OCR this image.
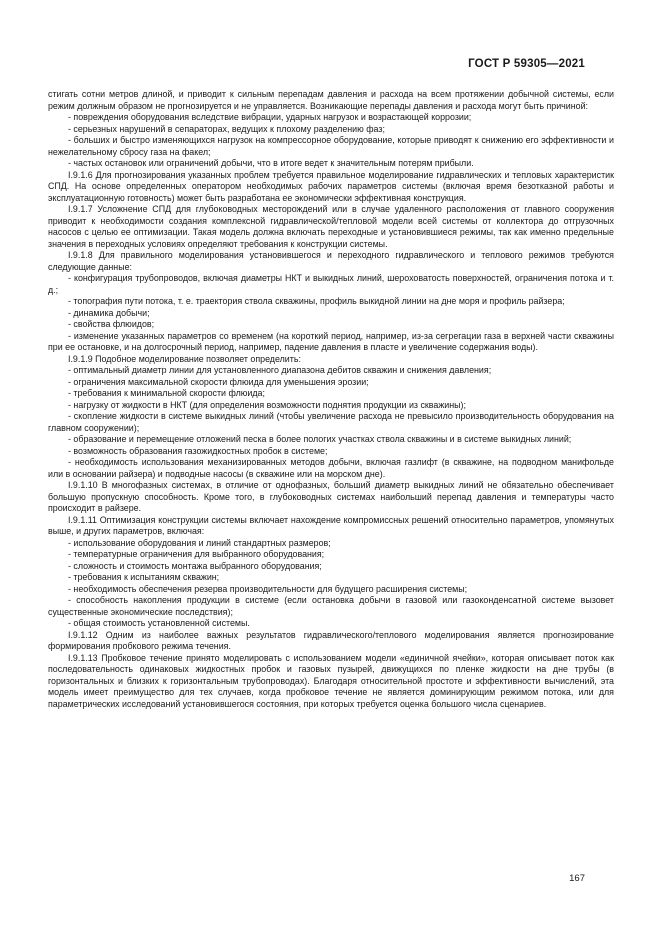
ГОСТ Р 59305—2021

стигать сотни метров длиной, и приводит к сильным перепадам давления и расхода на всем протяжении добычной системы, если режим должным образом не прогнозируется и не управляется. Возникающие перепады давления и расхода могут быть причиной:

- повреждения оборудования вследствие вибрации, ударных нагрузок и возрастающей коррозии;

- серьезных нарушений в сепараторах, ведущих к плохому разделению фаз;

- больших и быстро изменяющихся нагрузок на компрессорное оборудование, которые приводят к снижению его эффективности и нежелательному сбросу газа на факел;

- частых остановок или ограничений добычи, что в итоге ведет к значительным потерям прибыли.

I.9.1.6 Для прогнозирования указанных проблем требуется правильное моделирование гидравлических и тепловых характеристик СПД. На основе определенных оператором необходимых рабочих параметров системы (включая время безотказной работы и эксплуатационную готовность) может быть разработана ее экономически эффективная конструкция.

I.9.1.7 Усложнение СПД для глубоководных месторождений или в случае удаленного расположения от главного сооружения приводит к необходимости создания комплексной гидравлической/тепловой модели всей системы от коллектора до отгрузочных насосов с целью ее оптимизации. Такая модель должна включать переходные и установившиеся режимы, так как именно предельные значения в переходных условиях определяют требования к конструкции системы.

I.9.1.8 Для правильного моделирования установившегося и переходного гидравлического и теплового режимов требуются следующие данные:

- конфигурация трубопроводов, включая диаметры НКТ и выкидных линий, шероховатость поверхностей, ограничения потока и т. д.;

- топография пути потока, т. е. траектория ствола скважины, профиль выкидной линии на дне моря и профиль райзера;

- динамика добычи;

- свойства флюидов;

- изменение указанных параметров со временем (на короткий период, например, из-за сегрегации газа в верхней части скважины при ее остановке, и на долгосрочный период, например, падение давления в пласте и увеличение содержания воды).

I.9.1.9 Подобное моделирование позволяет определить:

- оптимальный диаметр линии для установленного диапазона дебитов скважин и снижения давления;

- ограничения максимальной скорости флюида для уменьшения эрозии;

- требования к минимальной скорости флюида;

- нагрузку от жидкости в НКТ (для определения возможности поднятия продукции из скважины);

- скопление жидкости в системе выкидных линий (чтобы увеличение расхода не превысило производительность оборудования на главном сооружении);

- образование и перемещение отложений песка в более пологих участках ствола скважины и в системе выкидных линий;

- возможность образования газожидкостных пробок в системе;

- необходимость использования механизированных методов добычи, включая газлифт (в скважине, на подводном манифольде или в основании райзера) и подводные насосы (в скважине или на морском дне).

I.9.1.10 В многофазных системах, в отличие от однофазных, больший диаметр выкидных линий не обязательно обеспечивает большую пропускную способность. Кроме того, в глубоководных системах наибольший перепад давления и температуры часто происходит в райзере.

I.9.1.11 Оптимизация конструкции системы включает нахождение компромиссных решений относительно параметров, упомянутых выше, и других параметров, включая:

- использование оборудования и линий стандартных размеров;

- температурные ограничения для выбранного оборудования;

- сложность и стоимость монтажа выбранного оборудования;

- требования к испытаниям скважин;

- необходимость обеспечения резерва производительности для будущего расширения системы;

- способность накопления продукции в системе (если остановка добычи в газовой или газоконденсатной системе вызовет существенные экономические последствия);

- общая стоимость установленной системы.

I.9.1.12 Одним из наиболее важных результатов гидравлического/теплового моделирования является прогнозирование формирования пробкового режима течения.

I.9.1.13 Пробковое течение принято моделировать с использованием модели «единичной ячейки», которая описывает поток как последовательность одинаковых жидкостных пробок и газовых пузырей, движущихся по пленке жидкости на дне трубы (в горизонтальных и близких к горизонтальным трубопроводах). Благодаря относительной простоте и эффективности вычислений, эта модель имеет преимущество для тех случаев, когда пробковое течение не является доминирующим режимом потока, или для параметрических исследований установившегося состояния, при которых требуется оценка большого числа сценариев.

167
